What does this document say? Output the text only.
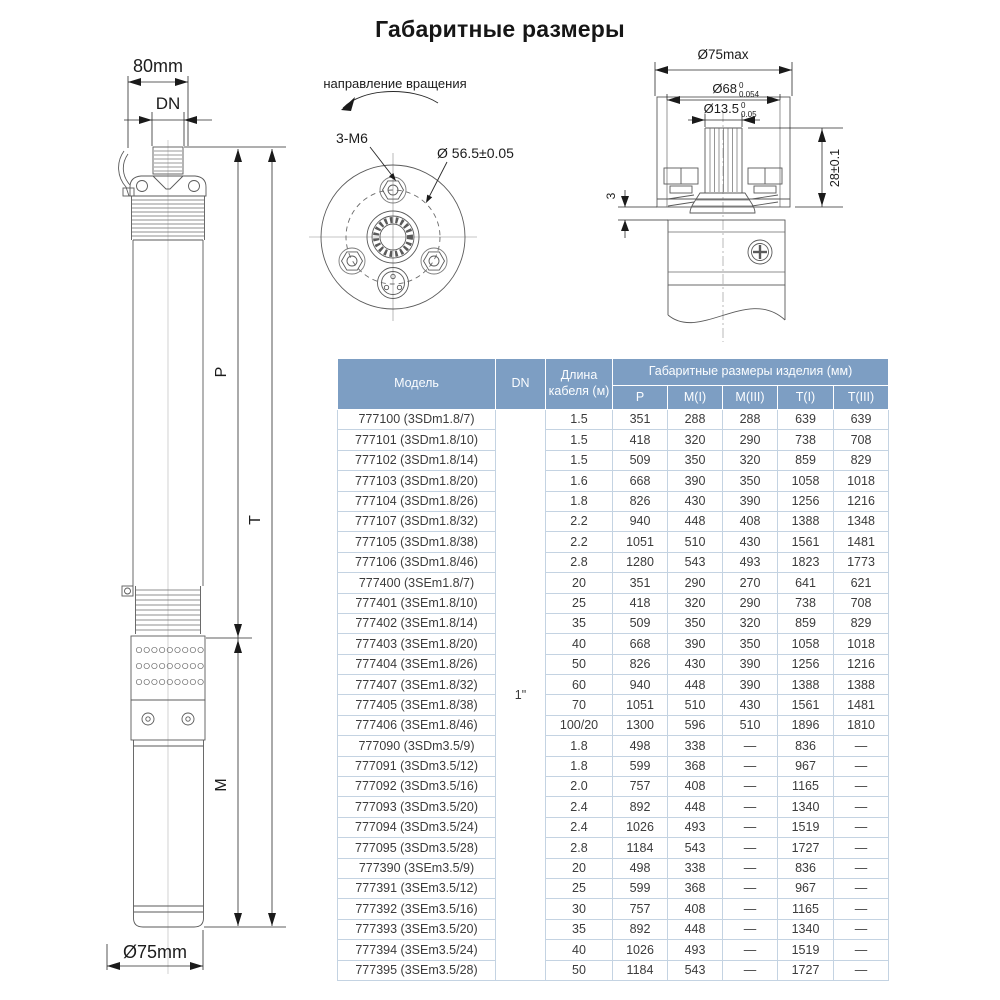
Габаритные размеры
80mm
DN
P
T
M
Ø75mm
направление вращения
3-М6
Ø 56.5±0.05
Ø75max
Ø68 0
0.054
Ø13.5 0
0.05
28±0.1
3
Модель	DN	Длина кабеля (м)	Габаритные размеры изделия (мм)				
			P	M(I)	M(III)	T(I)	T(III)
777100 (3SDm1.8/7)	1"	1.5	351	288	288	639	639
777101 (3SDm1.8/10)		1.5	418	320	290	738	708
777102 (3SDm1.8/14)		1.5	509	350	320	859	829
777103 (3SDm1.8/20)		1.6	668	390	350	1058	1018
777104 (3SDm1.8/26)		1.8	826	430	390	1256	1216
777107 (3SDm1.8/32)		2.2	940	448	408	1388	1348
777105 (3SDm1.8/38)		2.2	1051	510	430	1561	1481
777106 (3SDm1.8/46)		2.8	1280	543	493	1823	1773
777400 (3SEm1.8/7)		20	351	290	270	641	621
777401 (3SEm1.8/10)		25	418	320	290	738	708
777402 (3SEm1.8/14)		35	509	350	320	859	829
777403 (3SEm1.8/20)		40	668	390	350	1058	1018
777404 (3SEm1.8/26)		50	826	430	390	1256	1216
777407 (3SEm1.8/32)		60	940	448	390	1388	1388
777405 (3SEm1.8/38)		70	1051	510	430	1561	1481
777406 (3SEm1.8/46)		100/20	1300	596	510	1896	1810
777090 (3SDm3.5/9)		1.8	498	338	—	836	—
777091 (3SDm3.5/12)		1.8	599	368	—	967	—
777092 (3SDm3.5/16)		2.0	757	408	—	1165	—
777093 (3SDm3.5/20)		2.4	892	448	—	1340	—
777094 (3SDm3.5/24)		2.4	1026	493	—	1519	—
777095 (3SDm3.5/28)		2.8	1184	543	—	1727	—
777390 (3SEm3.5/9)		20	498	338	—	836	—
777391 (3SEm3.5/12)		25	599	368	—	967	—
777392 (3SEm3.5/16)		30	757	408	—	1165	—
777393 (3SEm3.5/20)		35	892	448	—	1340	—
777394 (3SEm3.5/24)		40	1026	493	—	1519	—
777395 (3SEm3.5/28)		50	1184	543	—	1727	—
